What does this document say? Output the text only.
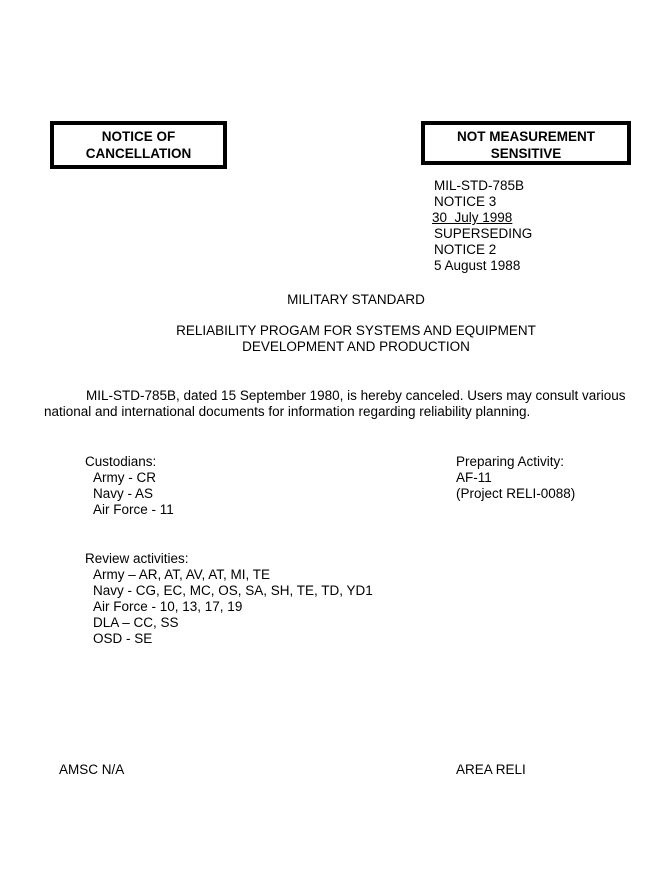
NOTICE OF
CANCELLATION
NOT MEASUREMENT
SENSITIVE
MIL-STD-785B
NOTICE 3
30  July 1998
SUPERSEDING
NOTICE 2
5 August 1988
MILITARY STANDARD
RELIABILITY PROGAM FOR SYSTEMS AND EQUIPMENT
DEVELOPMENT AND PRODUCTION
MIL-STD-785B, dated 15 September 1980, is hereby canceled. Users may consult various
national and international documents for information regarding reliability planning.
Custodians:
Army - CR
Navy - AS
Air Force - 11
Preparing Activity:
AF-11
(Project RELI-0088)
Review activities:
Army – AR, AT, AV, AT, MI, TE
Navy - CG, EC, MC, OS, SA, SH, TE, TD, YD1
Air Force - 10, 13, 17, 19
DLA – CC, SS
OSD - SE
AMSC N/A	AREA RELI
